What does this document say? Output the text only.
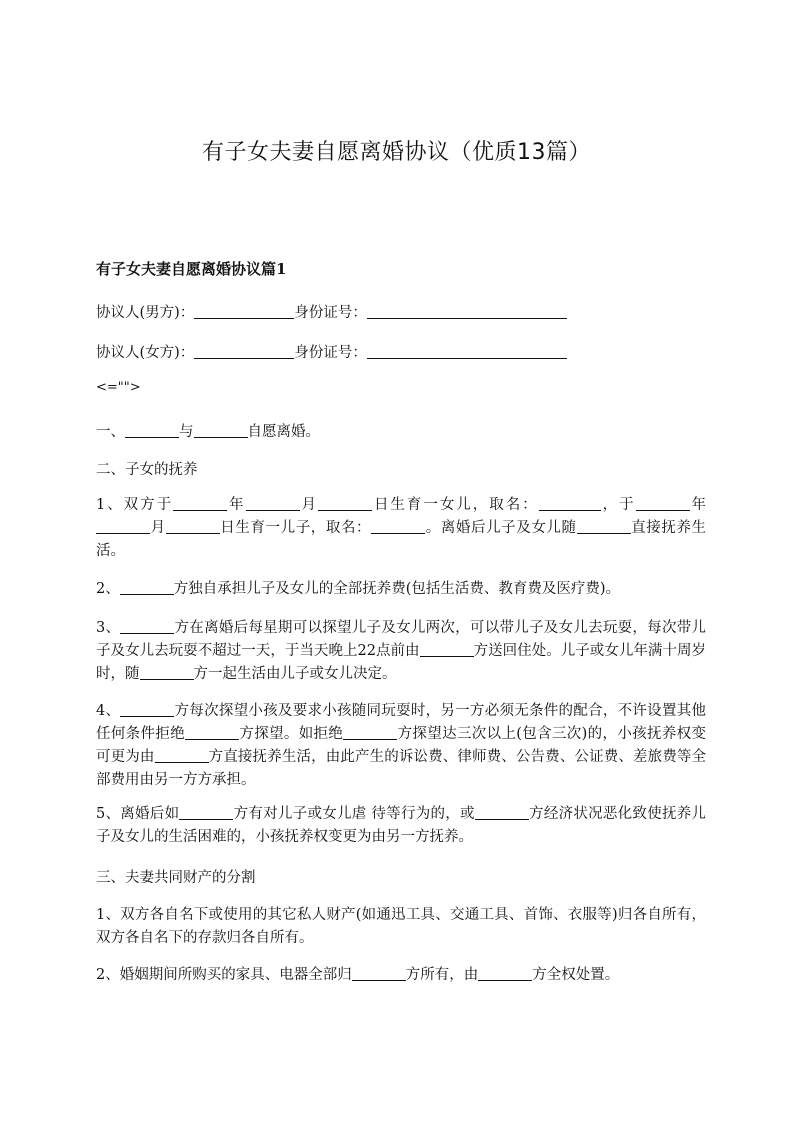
有子女夫妻自愿离婚协议（优质13篇）
有子女夫妻自愿离婚协议篇1
协议人(男方)：	身份证号：
协议人(女方)：	身份证号：
<="">
一、	与	自愿离婚。
二、子女的抚养
1、双方于	年	月	日生育一女儿，取名：	，于	年月	日生育一儿子，取名：	。离婚后儿子及女儿随	直接抚养生活。
2、	方独自承担儿子及女儿的全部抚养费(包括生活费、教育费及医疗费)。
3、	方在离婚后每星期可以探望儿子及女儿两次，可以带儿子及女儿去玩耍，每次带儿子及女儿去玩耍不超过一天，于当天晚上22点前由	方送回住处。儿子或女儿年满十周岁时，随	方一起生活由儿子或女儿决定。
4、	方每次探望小孩及要求小孩随同玩耍时，另一方必须无条件的配合，不许设置其他任何条件拒绝	方探望。如拒绝	方探望达三次以上(包含三次)的，小孩抚养权变可更为由	方直接抚养生活，由此产生的诉讼费、律师费、公告费、公证费、差旅费等全部费用由另一方方承担。
5、离婚后如	方有对儿子或女儿虐 待等行为的，或	方经济状况恶化致使抚养儿子及女儿的生活困难的，小孩抚养权变更为由另一方抚养。
三、夫妻共同财产的分割
1、双方各自名下或使用的其它私人财产(如通迅工具、交通工具、首饰、衣服等)归各自所有，双方各自名下的存款归各自所有。
2、婚姻期间所购买的家具、电器全部归	方所有，由	方全权处置。
